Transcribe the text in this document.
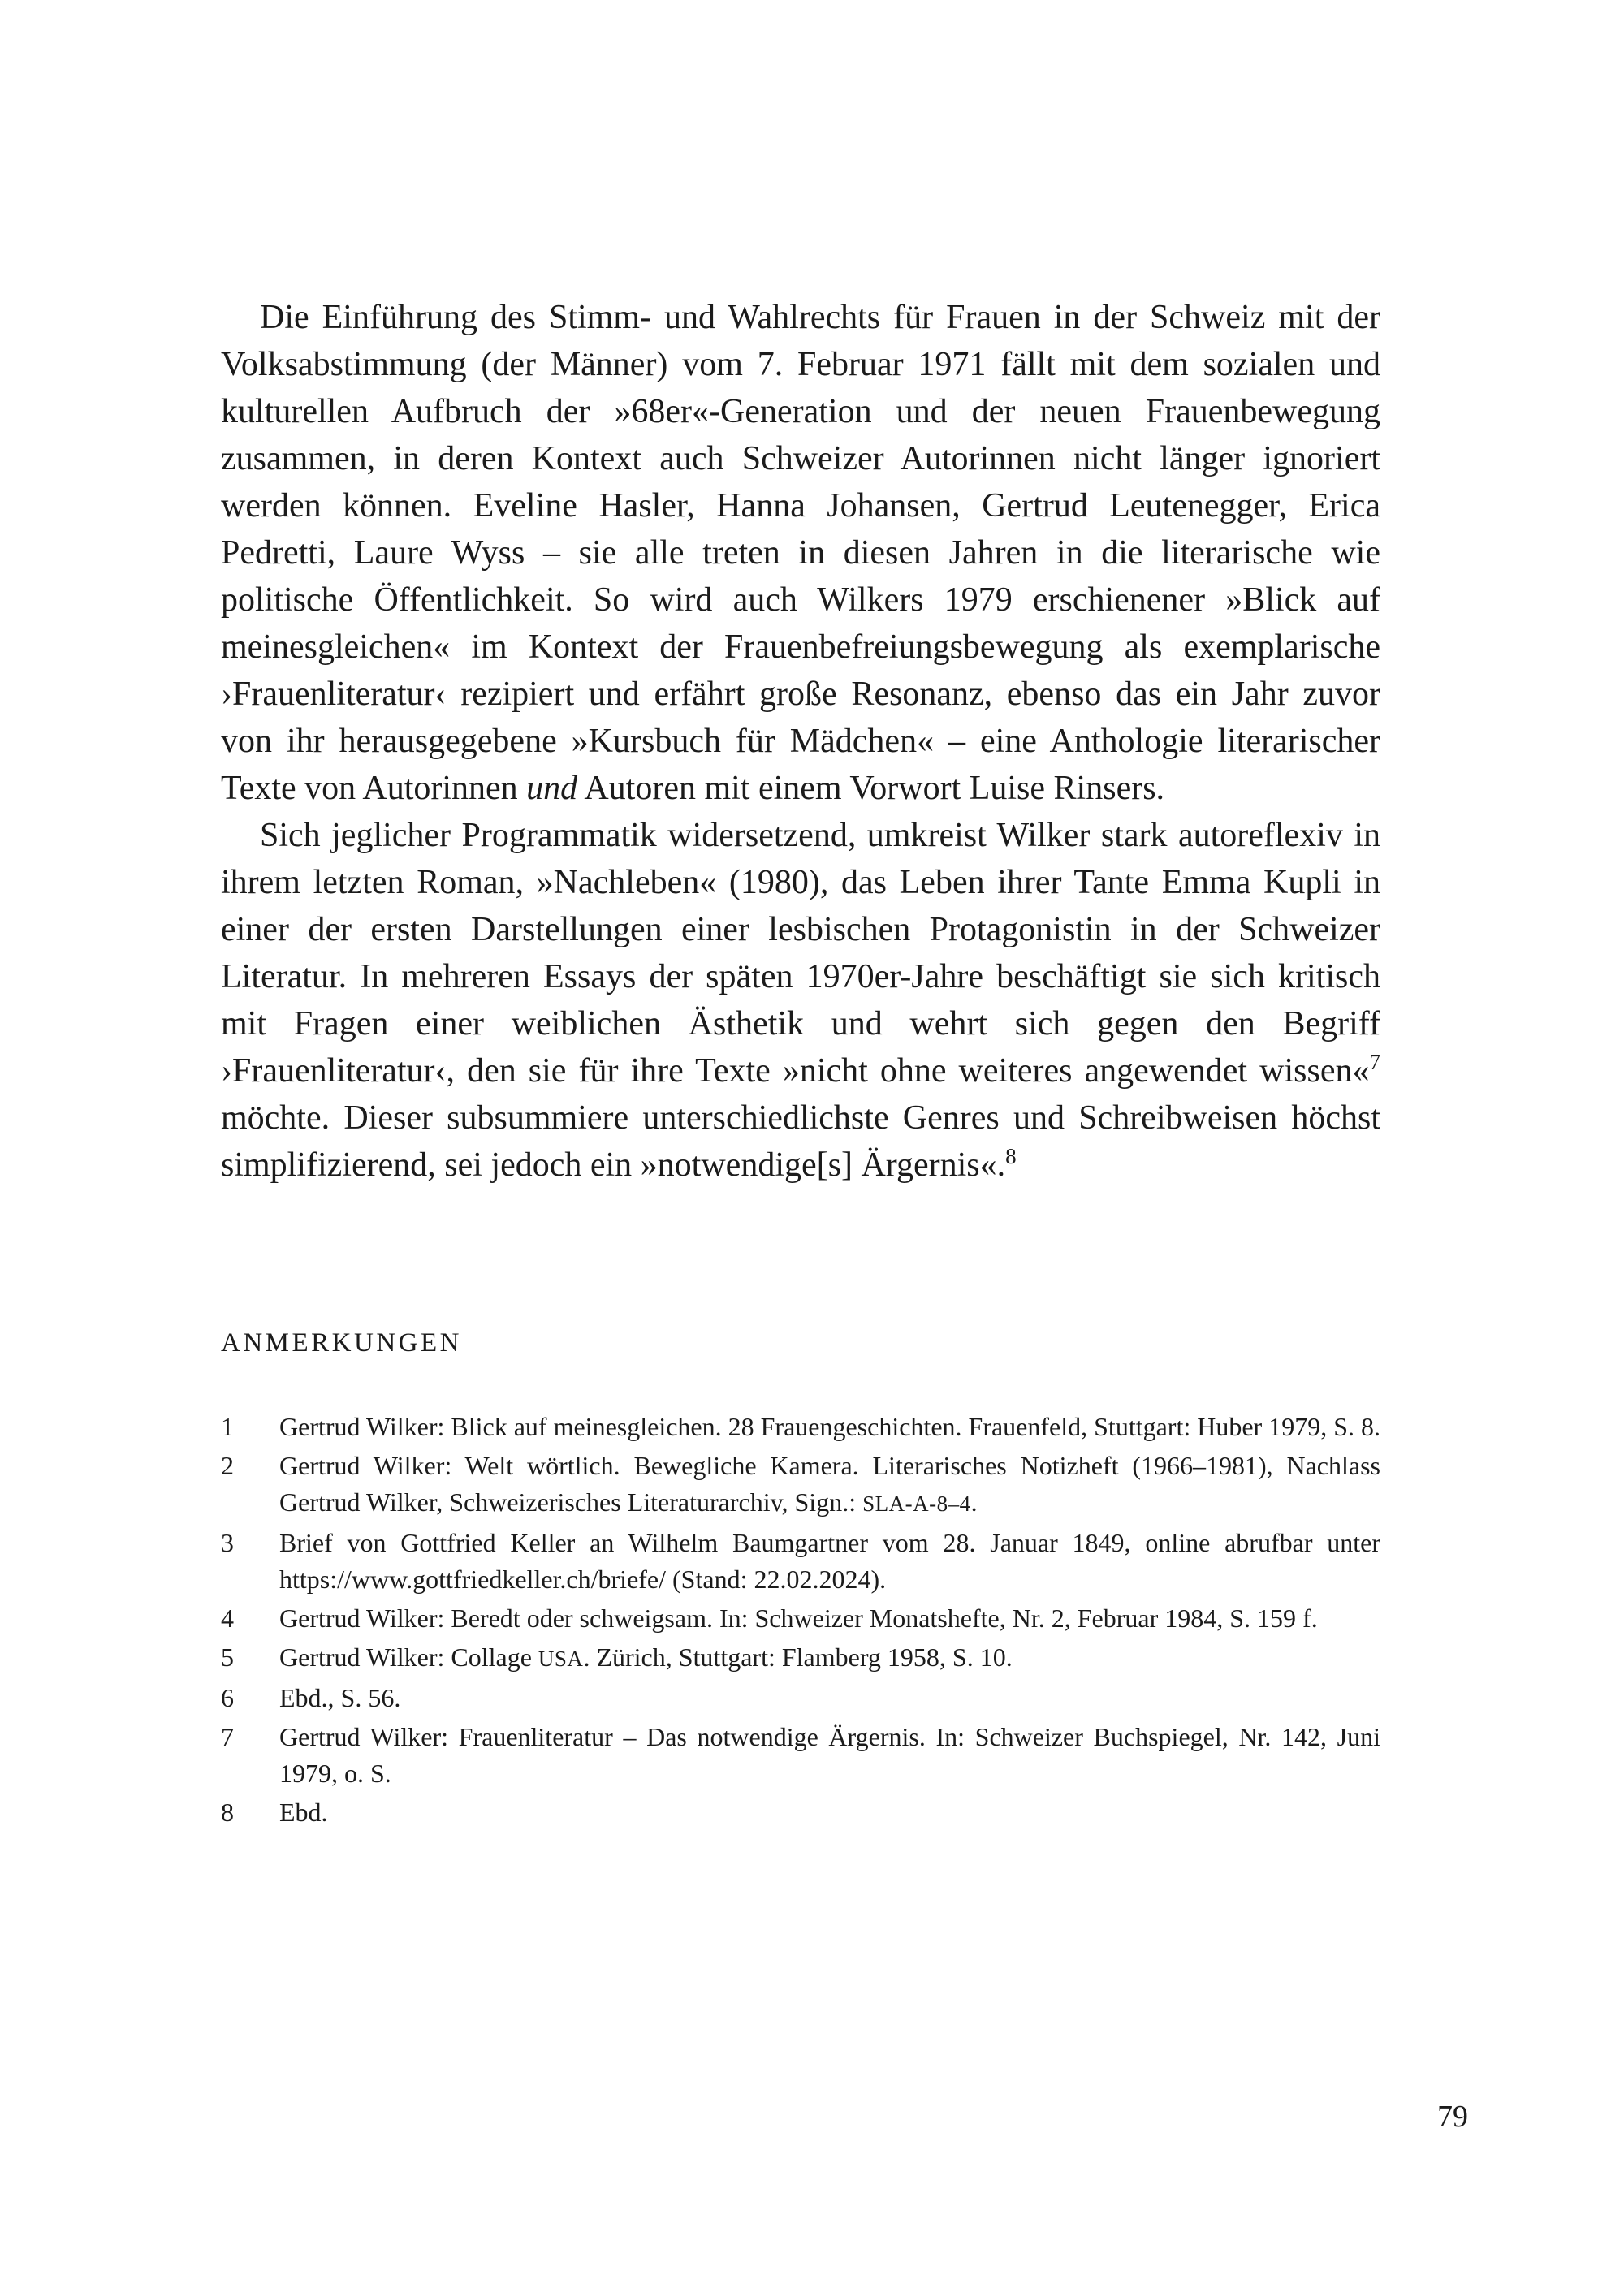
Die Einführung des Stimm- und Wahlrechts für Frauen in der Schweiz mit der Volksabstimmung (der Männer) vom 7. Februar 1971 fällt mit dem sozialen und kulturellen Aufbruch der »68er«-Generation und der neuen Frauenbewegung zusammen, in deren Kontext auch Schweizer Autorinnen nicht länger ignoriert werden können. Eveline Hasler, Hanna Johansen, Gertrud Leutenegger, Erica Pedretti, Laure Wyss – sie alle treten in diesen Jahren in die literarische wie politische Öffentlichkeit. So wird auch Wilkers 1979 erschienener »Blick auf meinesgleichen« im Kontext der Frauenbefreiungsbewegung als exemplarische ›Frauenliteratur‹ rezipiert und erfährt große Resonanz, ebenso das ein Jahr zuvor von ihr herausgegebene »Kursbuch für Mädchen« – eine Anthologie literarischer Texte von Autorinnen und Autoren mit einem Vorwort Luise Rinsers.

Sich jeglicher Programmatik widersetzend, umkreist Wilker stark autoreflexiv in ihrem letzten Roman, »Nachleben« (1980), das Leben ihrer Tante Emma Kupli in einer der ersten Darstellungen einer lesbischen Protagonistin in der Schweizer Literatur. In mehreren Essays der späten 1970er-Jahre beschäftigt sie sich kritisch mit Fragen einer weiblichen Ästhetik und wehrt sich gegen den Begriff ›Frauenliteratur‹, den sie für ihre Texte »nicht ohne weiteres angewendet wissen«$^7$ möchte. Dieser subsummiere unterschiedlichste Genres und Schreibweisen höchst simplifizierend, sei jedoch ein »notwendige[s] Ärgernis«.$^8$

ANMERKUNGEN
1	Gertrud Wilker: Blick auf meinesgleichen. 28 Frauengeschichten. Frauenfeld, Stuttgart: Huber 1979, S. 8.
2	Gertrud Wilker: Welt wörtlich. Bewegliche Kamera. Literarisches Notizheft (1966–1981), Nachlass Gertrud Wilker, Schweizerisches Literaturarchiv, Sign.: SLA-A-8–4.
3	Brief von Gottfried Keller an Wilhelm Baumgartner vom 28. Januar 1849, online abrufbar unter https://www.gottfriedkeller.ch/briefe/ (Stand: 22.02.2024).
4	Gertrud Wilker: Beredt oder schweigsam. In: Schweizer Monatshefte, Nr. 2, Februar 1984, S. 159 f.
5	Gertrud Wilker: Collage USA. Zürich, Stuttgart: Flamberg 1958, S. 10.
6	Ebd., S. 56.
7	Gertrud Wilker: Frauenliteratur – Das notwendige Ärgernis. In: Schweizer Buchspiegel, Nr. 142, Juni 1979, o. S.
8	Ebd.
79
